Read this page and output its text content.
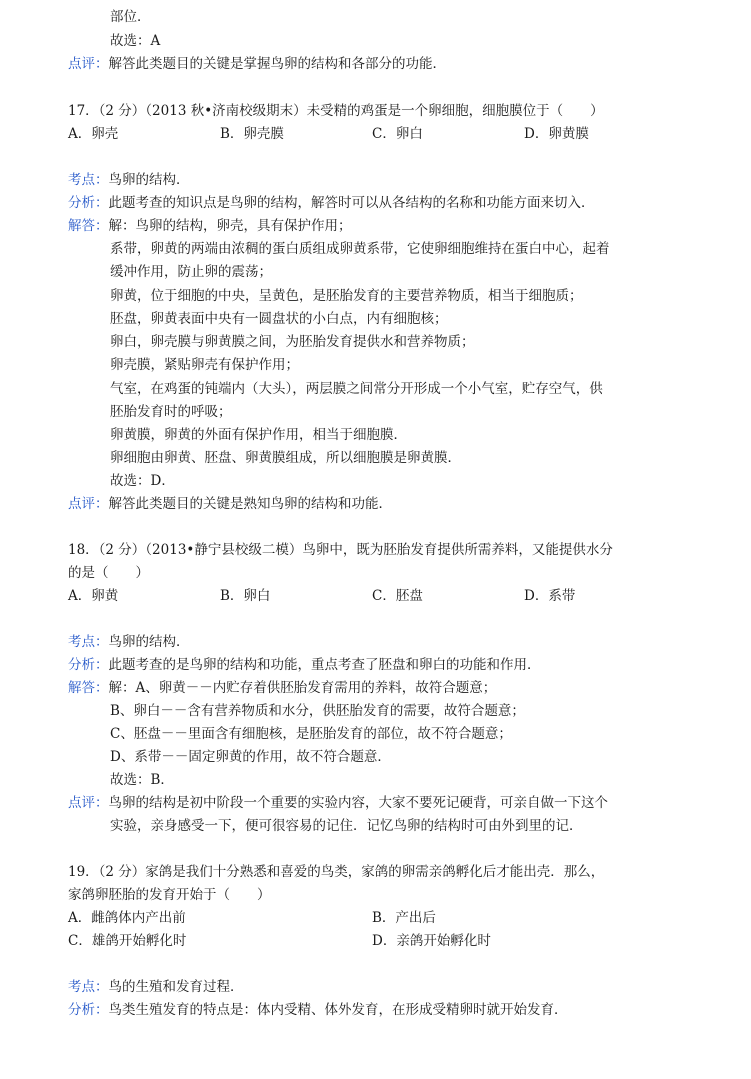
部位．
故选：A
点评：解答此类题目的关键是掌握鸟卵的结构和各部分的功能．
17．（2 分）（2013 秋•济南校级期末）未受精的鸡蛋是一个卵细胞，细胞膜位于（　　）
A．卵壳	B．卵壳膜	C．卵白	D．卵黄膜
考点：鸟卵的结构．
分析：此题考查的知识点是鸟卵的结构，解答时可以从各结构的名称和功能方面来切入．
解答：解：鸟卵的结构，卵壳，具有保护作用；
系带，卵黄的两端由浓稠的蛋白质组成卵黄系带，它使卵细胞维持在蛋白中心，起着
缓冲作用，防止卵的震荡；
卵黄，位于细胞的中央，呈黄色，是胚胎发育的主要营养物质，相当于细胞质；
胚盘，卵黄表面中央有一圆盘状的小白点，内有细胞核；
卵白，卵壳膜与卵黄膜之间，为胚胎发育提供水和营养物质；
卵壳膜，紧贴卵壳有保护作用；
气室，在鸡蛋的钝端内（大头），两层膜之间常分开形成一个小气室，贮存空气，供
胚胎发育时的呼吸；
卵黄膜，卵黄的外面有保护作用，相当于细胞膜．
卵细胞由卵黄、胚盘、卵黄膜组成，所以细胞膜是卵黄膜．
故选：D．
点评：解答此类题目的关键是熟知鸟卵的结构和功能．
18．（2 分）（2013•静宁县校级二模）鸟卵中，既为胚胎发育提供所需养料，又能提供水分
的是（　　）
A．卵黄	B．卵白	C．胚盘	D．系带
考点：鸟卵的结构．
分析：此题考查的是鸟卵的结构和功能，重点考查了胚盘和卵白的功能和作用．
解答：解：A、卵黄－－内贮存着供胚胎发育需用的养料，故符合题意；
B、卵白－－含有营养物质和水分，供胚胎发育的需要，故符合题意；
C、胚盘－－里面含有细胞核，是胚胎发育的部位，故不符合题意；
D、系带－－固定卵黄的作用，故不符合题意．
故选：B．
点评：鸟卵的结构是初中阶段一个重要的实验内容，大家不要死记硬背，可亲自做一下这个
实验，亲身感受一下，便可很容易的记住．记忆鸟卵的结构时可由外到里的记．
19．（2 分）家鸽是我们十分熟悉和喜爱的鸟类，家鸽的卵需亲鸽孵化后才能出壳．那么，
家鸽卵胚胎的发育开始于（　　）
A．雌鸽体内产出前	B．产出后
C．雄鸽开始孵化时	D．亲鸽开始孵化时
考点：鸟的生殖和发育过程．
分析：鸟类生殖发育的特点是：体内受精、体外发育，在形成受精卵时就开始发育．
